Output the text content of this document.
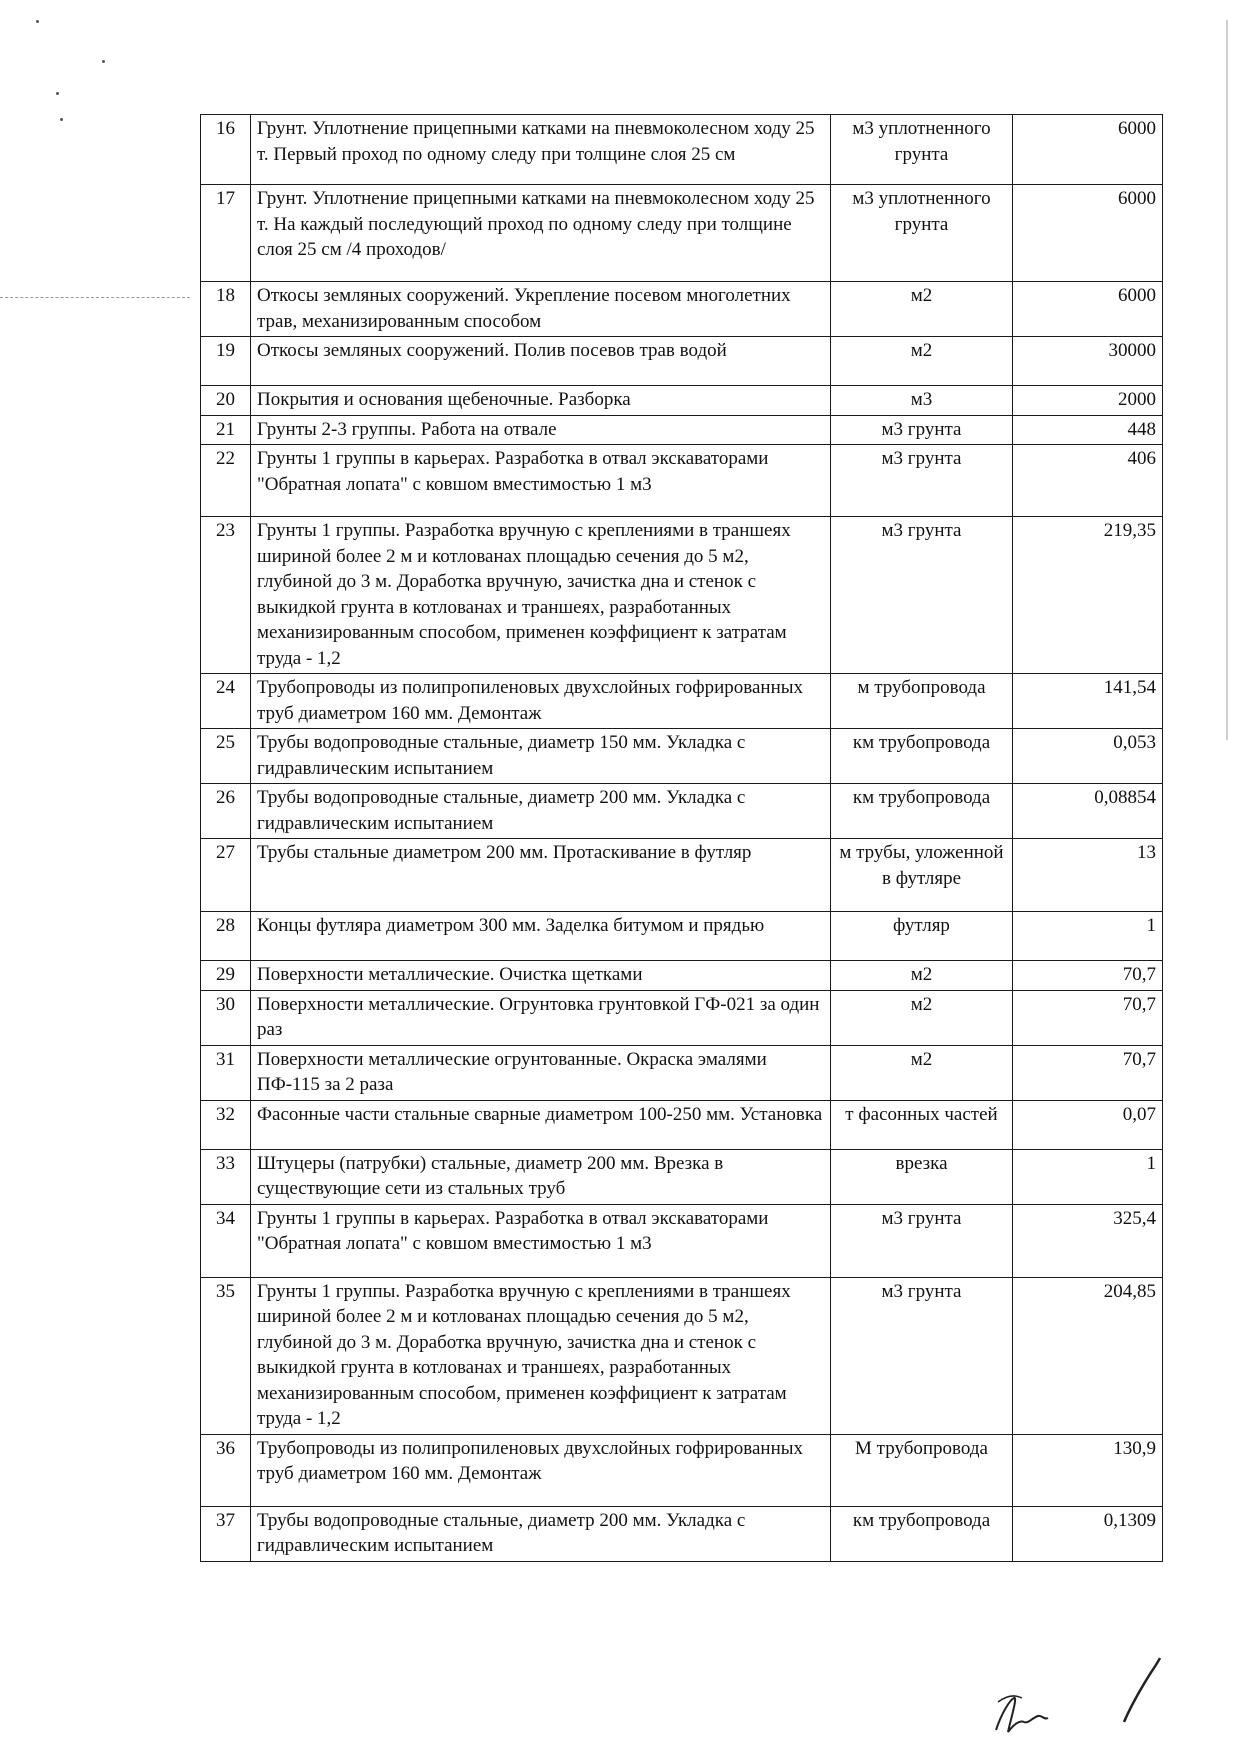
16	Грунт. Уплотнение прицепными катками на пневмоколесном ходу 25 т. Первый проход по одному следу при толщине слоя 25 см	м3 уплотненного грунта	6000
17	Грунт. Уплотнение прицепными катками на пневмоколесном ходу 25 т. На каждый последующий проход по одному следу при толщине слоя 25 см /4 проходов/	м3 уплотненного грунта	6000
18	Откосы земляных сооружений. Укрепление посевом многолетних трав, механизированным способом	м2	6000
19	Откосы земляных сооружений. Полив посевов трав водой	м2	30000
20	Покрытия и основания щебеночные. Разборка	м3	2000
21	Грунты 2-3 группы. Работа на отвале	м3 грунта	448
22	Грунты 1 группы в карьерах. Разработка в отвал экскаваторами "Обратная лопата" с ковшом вместимостью 1 м3	м3 грунта	406
23	Грунты 1 группы. Разработка вручную с креплениями в траншеях шириной более 2 м и котлованах площадью сечения до 5 м2, глубиной до 3 м. Доработка вручную, зачистка дна и стенок с выкидкой грунта в котлованах и траншеях, разработанных механизированным способом, применен коэффициент к затратам труда - 1,2	м3 грунта	219,35
24	Трубопроводы из полипропиленовых двухслойных гофрированных труб диаметром 160 мм. Демонтаж	м трубопровода	141,54
25	Трубы водопроводные стальные, диаметр 150 мм. Укладка с гидравлическим испытанием	км трубопровода	0,053
26	Трубы водопроводные стальные, диаметр 200 мм. Укладка с гидравлическим испытанием	км трубопровода	0,08854
27	Трубы стальные диаметром 200 мм. Протаскивание в футляр	м трубы, уложенной в футляре	13
28	Концы футляра диаметром 300 мм. Заделка битумом и прядью	футляр	1
29	Поверхности металлические. Очистка щетками	м2	70,7
30	Поверхности металлические. Огрунтовка грунтовкой ГФ-021 за один раз	м2	70,7
31	Поверхности металлические огрунтованные. Окраска эмалями ПФ-115 за 2 раза	м2	70,7
32	Фасонные части стальные сварные диаметром 100-250 мм. Установка	т фасонных частей	0,07
33	Штуцеры (патрубки) стальные, диаметр 200 мм. Врезка в существующие сети из стальных труб	врезка	1
34	Грунты 1 группы в карьерах. Разработка в отвал экскаваторами "Обратная лопата" с ковшом вместимостью 1 м3	м3 грунта	325,4
35	Грунты 1 группы. Разработка вручную с креплениями в траншеях шириной более 2 м и котлованах площадью сечения до 5 м2, глубиной до 3 м. Доработка вручную, зачистка дна и стенок с выкидкой грунта в котлованах и траншеях, разработанных механизированным способом, применен коэффициент к затратам труда - 1,2	м3 грунта	204,85
36	Трубопроводы из полипропиленовых двухслойных гофрированных труб диаметром 160 мм. Демонтаж	М трубопровода	130,9
37	Трубы водопроводные стальные, диаметр 200 мм. Укладка с гидравлическим испытанием	км трубопровода	0,1309
